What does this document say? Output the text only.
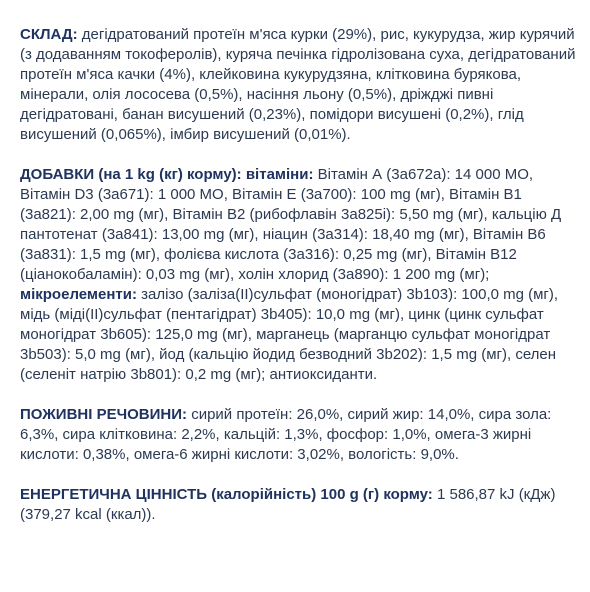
СКЛАД: дегідратований протеїн м'яса курки (29%), рис, кукурудза, жир курячий (з додаванням токоферолів), куряча печінка гідролізована суха, дегідратований протеїн м'яса качки (4%), клейковина кукурудзяна, клітковина бурякова, мінерали, олія лососева (0,5%), насіння льону (0,5%), дріжджі пивні дегідратовані, банан висушений (0,23%), помідори висушені (0,2%), глід висушений (0,065%), імбир висушений (0,01%).

ДОБАВКИ (на 1 kg (кг) корму): вітаміни: Вітамін А (3а672а): 14 000 МО, Вітамін D3 (3а671): 1 000 МО, Вітамін Е (3а700): 100 mg (мг), Вітамін В1 (3а821): 2,00 mg (мг), Вітамін В2 (рибофлавін 3а825i): 5,50 mg (мг), кальцію Д пантотенат (3а841): 13,00 mg (мг), ніацин (3а314): 18,40 mg (мг), Вітамін В6 (3а831): 1,5 mg (мг), фолієва кислота (3а316): 0,25 mg (мг), Вітамін В12 (ціанокобаламін): 0,03 mg (мг), холін хлорид (3а890): 1 200 mg (мг); мікроелементи: залізо (заліза(II)сульфат (моногідрат) 3b103): 100,0 mg (мг), мідь (міді(II)сульфат (пентагідрат) 3b405): 10,0 mg (мг), цинк (цинк сульфат моногідрат 3b605): 125,0 mg (мг), марганець (марганцю сульфат моногідрат 3b503): 5,0 mg (мг), йод (кальцію йодид безводний 3b202): 1,5 mg (мг), селен (селеніт натрію 3b801): 0,2 mg (мг); антиоксиданти.

ПОЖИВНІ РЕЧОВИНИ: сирий протеїн: 26,0%, сирий жир: 14,0%, сира зола: 6,3%, сира клітковина: 2,2%, кальцій: 1,3%, фосфор: 1,0%, омега-3 жирні кислоти: 0,38%, омега-6 жирні кислоти: 3,02%, вологість: 9,0%.

ЕНЕРГЕТИЧНА ЦІННІСТЬ (калорійність) 100 g (г) корму: 1 586,87 kJ (кДж) (379,27 kcal (ккал)).
